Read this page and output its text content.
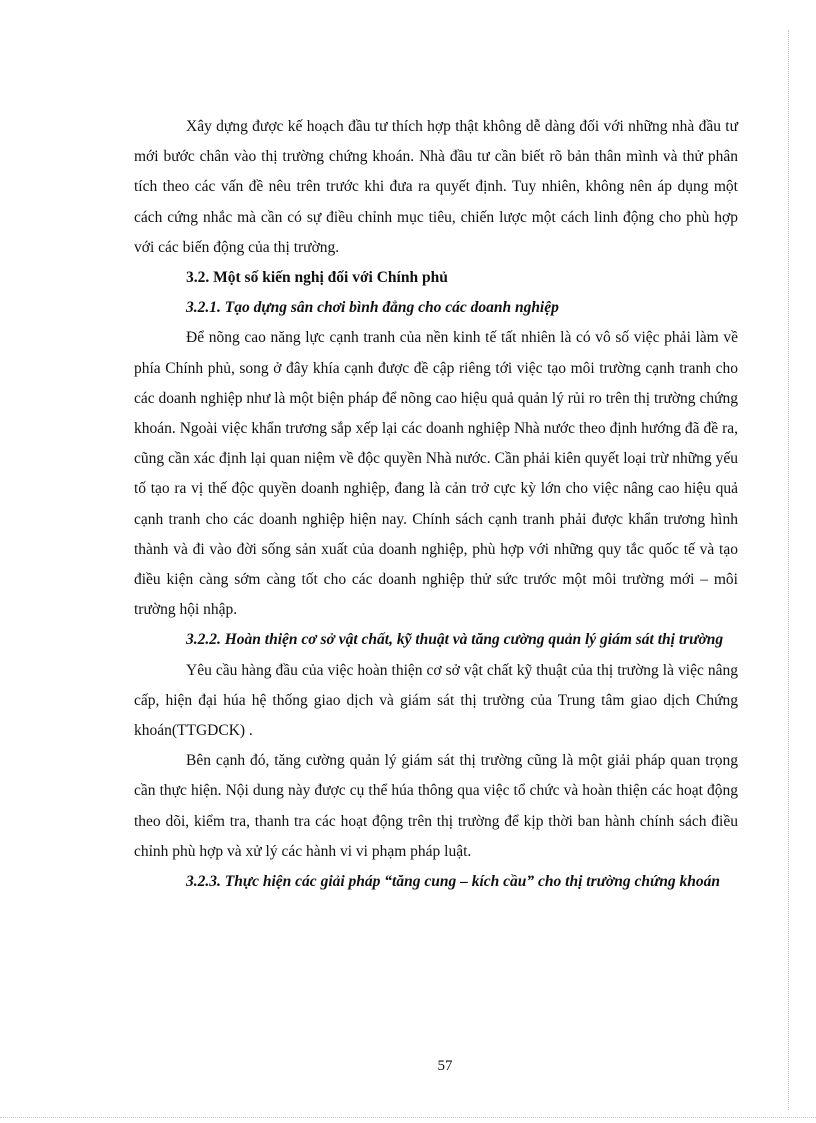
Xây dựng được kế hoạch đầu tư thích hợp thật không dễ dàng đối với những nhà đầu tư mới bước chân vào thị trường chứng khoán. Nhà đầu tư cần biết rõ bản thân mình và thử phân tích theo các vấn đề nêu trên trước khi đưa ra quyết định. Tuy nhiên, không nên áp dụng một cách cứng nhắc mà cần có sự điều chỉnh mục tiêu, chiến lược một cách linh động cho phù hợp với các biến động của thị trường.

3.2. Một số kiến nghị đối với Chính phủ

3.2.1. Tạo dựng sân chơi bình đẳng cho các doanh nghiệp

Để nõng cao năng lực cạnh tranh của nền kinh tế tất nhiên là có vô số việc phải làm về phía Chính phủ, song ở đây khía cạnh được đề cập riêng tới việc tạo môi trường cạnh tranh cho các doanh nghiệp như là một biện pháp để nõng cao hiệu quả quản lý rủi ro trên thị trường chứng khoán. Ngoài việc khẩn trương sắp xếp lại các doanh nghiệp Nhà nước theo định hướng đã đề ra, cũng cần xác định lại quan niệm về độc quyền Nhà nước. Cần phải kiên quyết loại trừ những yếu tố tạo ra vị thế độc quyền doanh nghiệp, đang là cản trở cực kỳ lớn cho việc nâng cao hiệu quả cạnh tranh cho các doanh nghiệp hiện nay. Chính sách cạnh tranh phải được khẩn trương hình thành và đi vào đời sống sản xuất của doanh nghiệp, phù hợp với những quy tắc quốc tế và tạo điều kiện càng sớm càng tốt cho các doanh nghiệp thử sức trước một môi trường mới – môi trường hội nhập.

3.2.2. Hoàn thiện cơ sở vật chất, kỹ thuật và tăng cường quản lý giám sát thị trường

Yêu cầu hàng đầu của việc hoàn thiện cơ sở vật chất kỹ thuật của thị trường là việc nâng cấp, hiện đại húa hệ thống giao dịch và giám sát thị trường của Trung tâm giao dịch Chứng khoán(TTGDCK) .

Bên cạnh đó, tăng cường quản lý giám sát thị trường cũng là một giải pháp quan trọng cần thực hiện. Nội dung này được cụ thể húa thông qua việc tổ chức và hoàn thiện các hoạt động theo dõi, kiểm tra, thanh tra các hoạt động trên thị trường để kịp thời ban hành chính sách điều chỉnh phù hợp và xử lý các hành vi vi phạm pháp luật.

3.2.3. Thực hiện các giải pháp “tăng cung – kích cầu” cho thị trường chứng khoán

57
